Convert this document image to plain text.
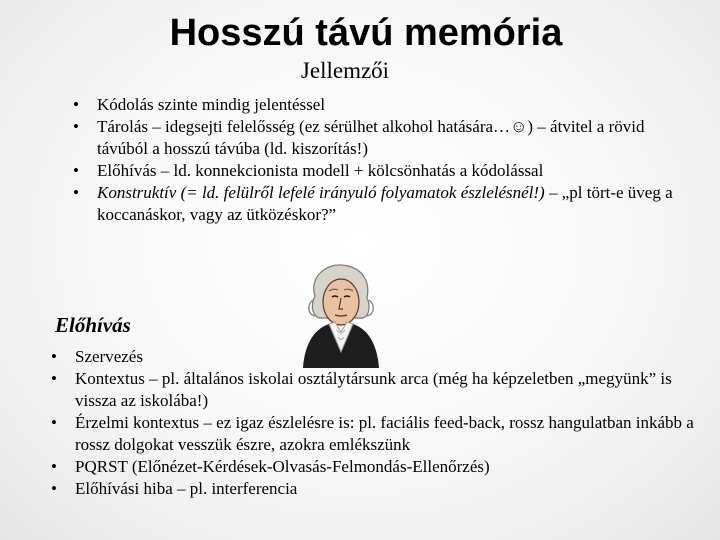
Hosszú távú memória
Jellemzői
• Kódolás szinte mindig jelentéssel
• Tárolás – idegsejti felelősség (ez sérülhet alkohol hatására…☺) – átvitel a rövid távúból a hosszú távúba (ld. kiszorítás!)
• Előhívás – ld. konnekcionista modell + kölcsönhatás a kódolással
• Konstruktív (= ld. felülről lefelé irányuló folyamatok észlelésnél!) – „pl tört-e üveg a koccanáskor, vagy az ütközéskor?”
Előhívás
• Szervezés
• Kontextus – pl. általános iskolai osztálytársunk arca (még ha képzeletben „megyünk” is vissza az iskolába!)
• Érzelmi kontextus – ez igaz észlelésre is: pl. faciális feed-back, rossz hangulatban inkább a rossz dolgokat vesszük észre, azokra emlékszünk
• PQRST (Előnézet-Kérdések-Olvasás-Felmondás-Ellenőrzés)
• Előhívási hiba – pl. interferencia
